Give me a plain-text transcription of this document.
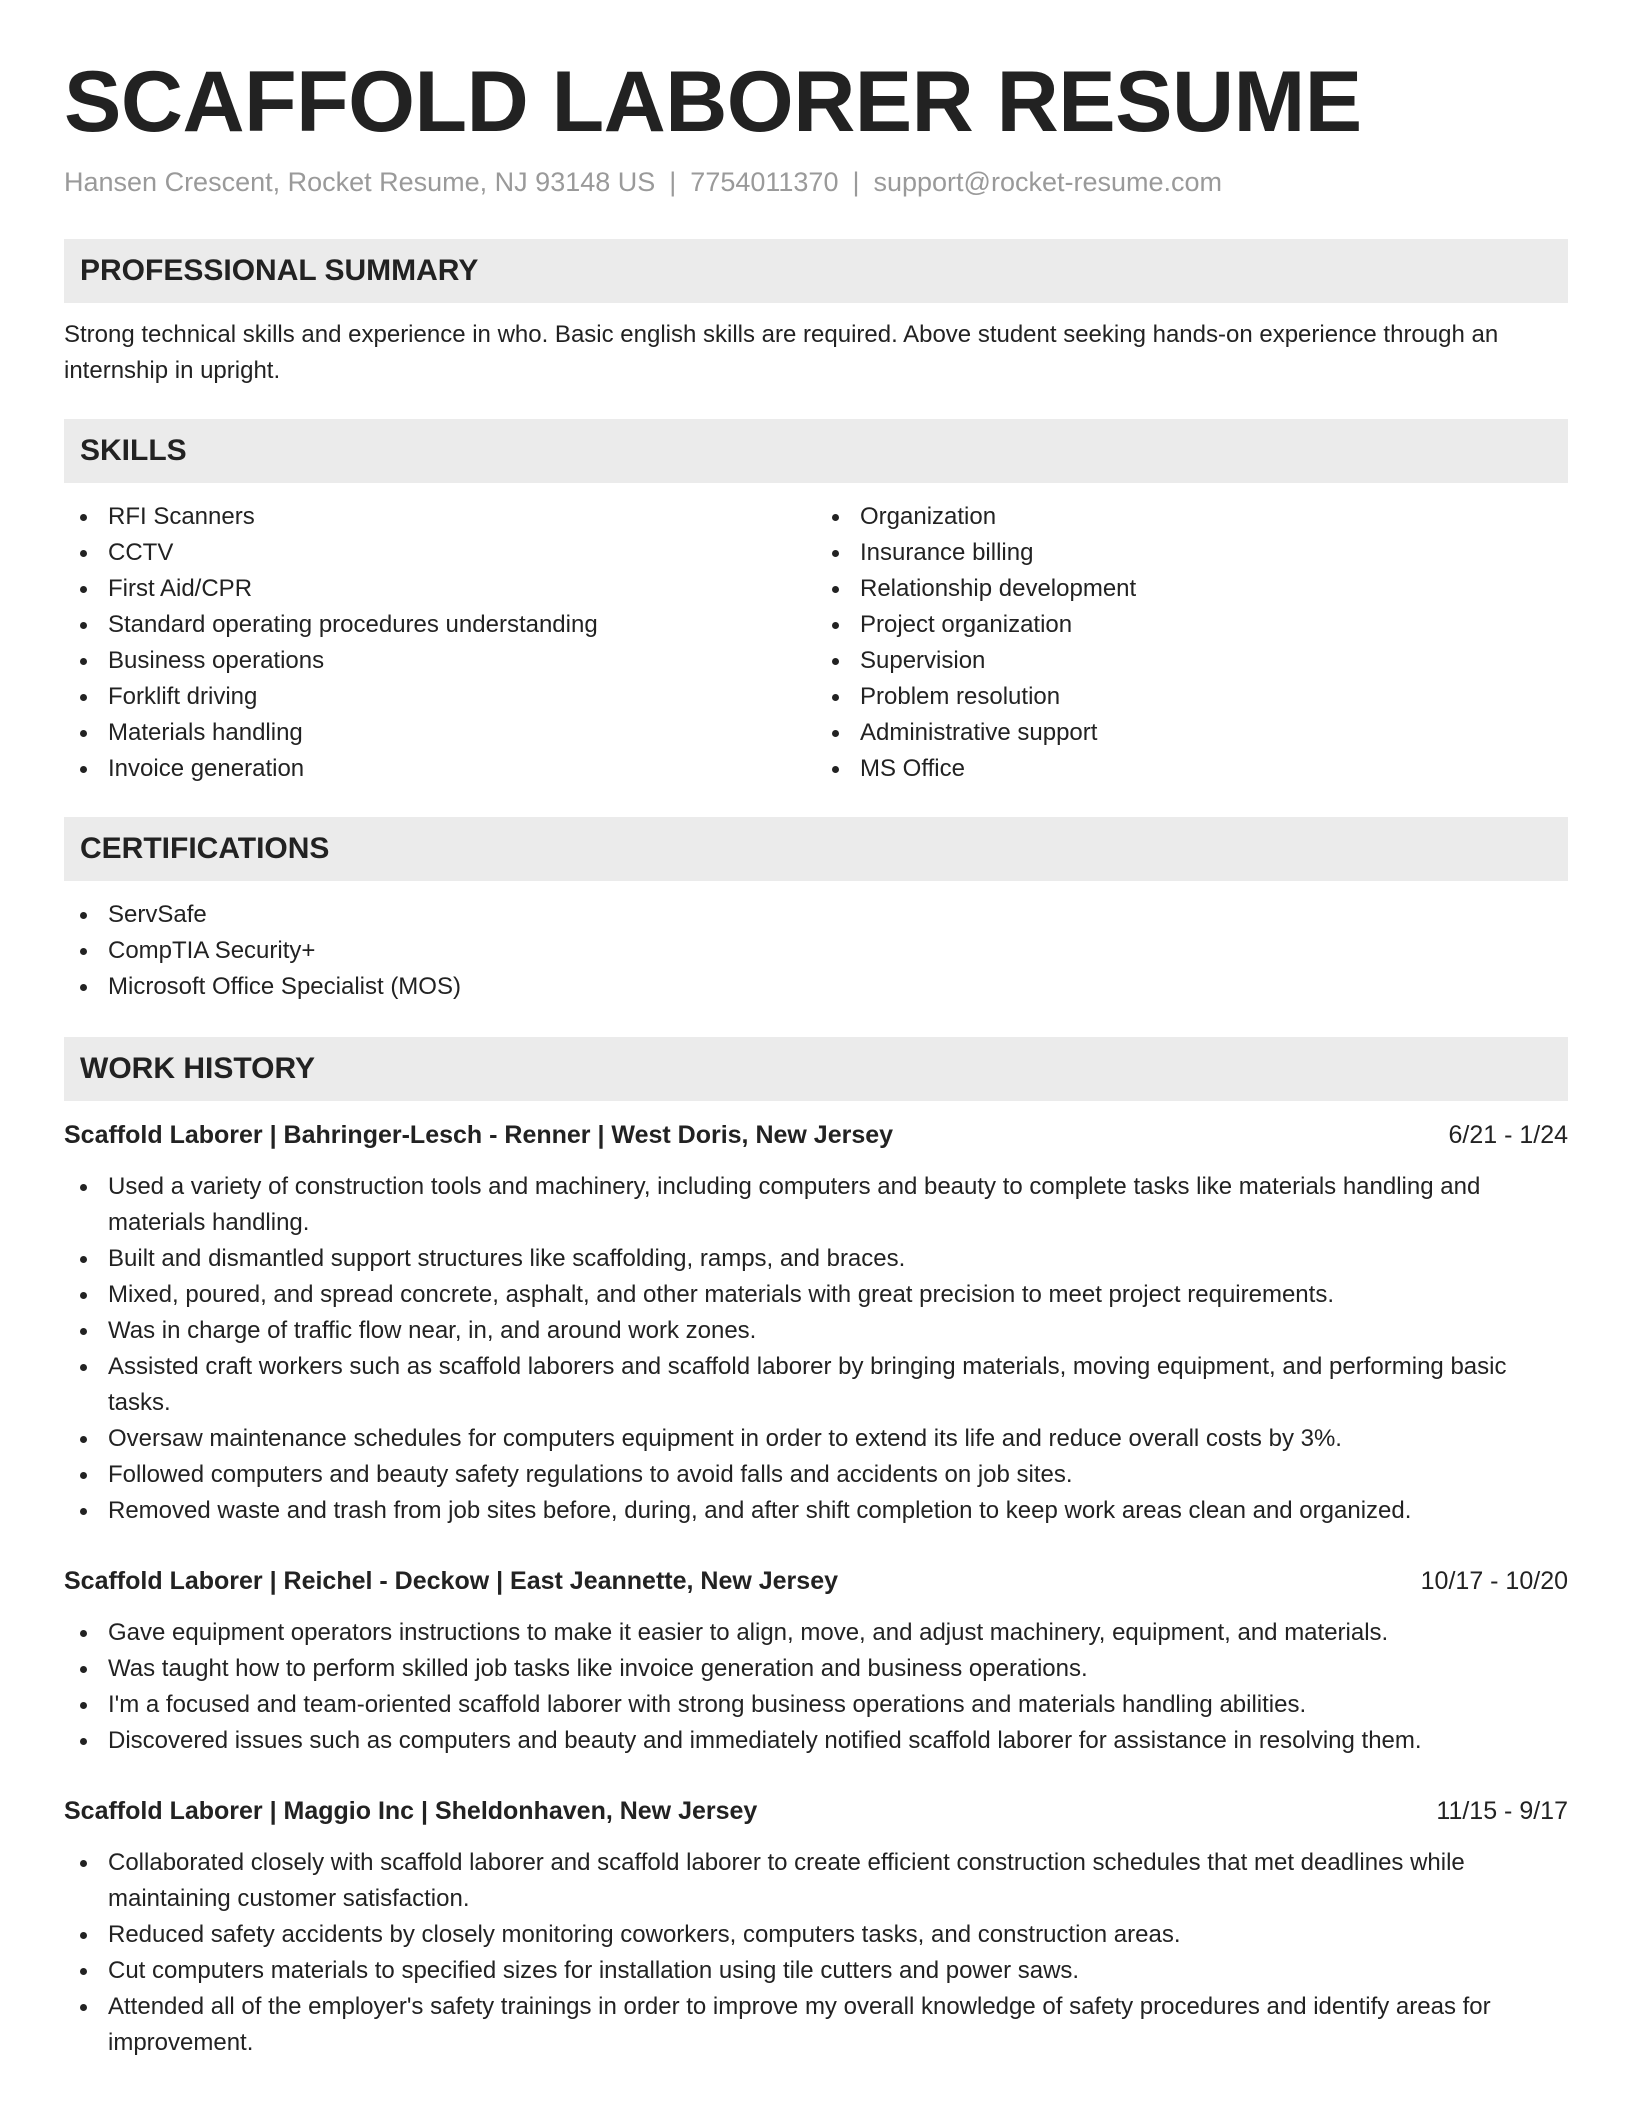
SCAFFOLD LABORER RESUME
Hansen Crescent, Rocket Resume, NJ 93148 US | 7754011370 | support@rocket-resume.com
PROFESSIONAL SUMMARY

Strong technical skills and experience in who. Basic english skills are required. Above student seeking hands-on experience through an internship in upright.

SKILLS
RFI Scanners
CCTV
First Aid/CPR
Standard operating procedures understanding
Business operations
Forklift driving
Materials handling
Invoice generation
Organization
Insurance billing
Relationship development
Project organization
Supervision
Problem resolution
Administrative support
MS Office
CERTIFICATIONS
ServSafe
CompTIA Security+
Microsoft Office Specialist (MOS)
WORK HISTORY
Scaffold Laborer | Bahringer-Lesch - Renner | West Doris, New Jersey	6/21 - 1/24
Used a variety of construction tools and machinery, including computers and beauty to complete tasks like materials handling and materials handling.
Built and dismantled support structures like scaffolding, ramps, and braces.
Mixed, poured, and spread concrete, asphalt, and other materials with great precision to meet project requirements.
Was in charge of traffic flow near, in, and around work zones.
Assisted craft workers such as scaffold laborers and scaffold laborer by bringing materials, moving equipment, and performing basic tasks.
Oversaw maintenance schedules for computers equipment in order to extend its life and reduce overall costs by 3%.
Followed computers and beauty safety regulations to avoid falls and accidents on job sites.
Removed waste and trash from job sites before, during, and after shift completion to keep work areas clean and organized.
Scaffold Laborer | Reichel - Deckow | East Jeannette, New Jersey	10/17 - 10/20
Gave equipment operators instructions to make it easier to align, move, and adjust machinery, equipment, and materials.
Was taught how to perform skilled job tasks like invoice generation and business operations.
I'm a focused and team-oriented scaffold laborer with strong business operations and materials handling abilities.
Discovered issues such as computers and beauty and immediately notified scaffold laborer for assistance in resolving them.
Scaffold Laborer | Maggio Inc | Sheldonhaven, New Jersey	11/15 - 9/17
Collaborated closely with scaffold laborer and scaffold laborer to create efficient construction schedules that met deadlines while maintaining customer satisfaction.
Reduced safety accidents by closely monitoring coworkers, computers tasks, and construction areas.
Cut computers materials to specified sizes for installation using tile cutters and power saws.
Attended all of the employer's safety trainings in order to improve my overall knowledge of safety procedures and identify areas for improvement.
